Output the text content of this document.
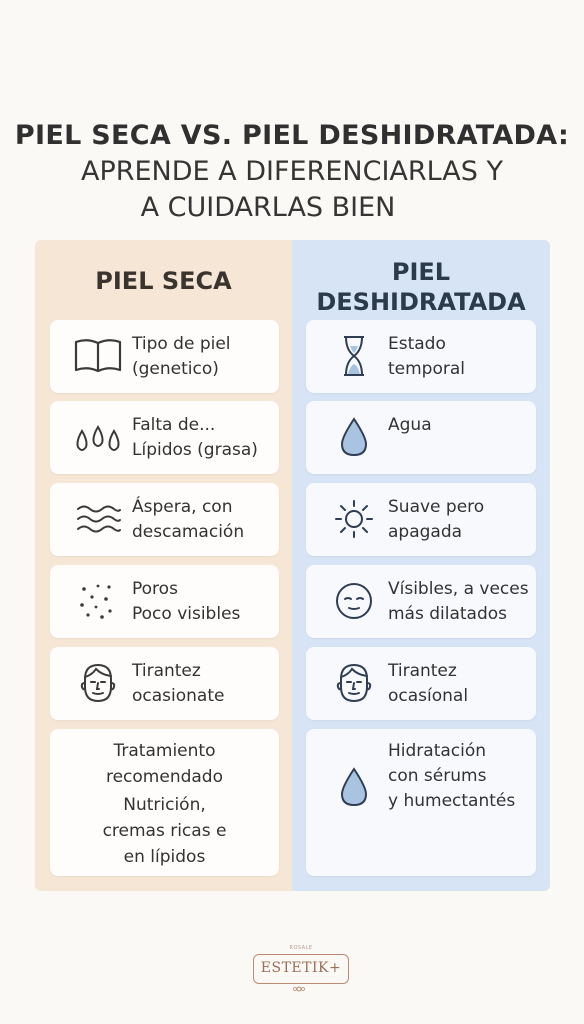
PIEL SECA VS. PIEL DESHIDRATADA:
APRENDE A DIFERENCIARLAS Y
A CUIDARLAS BIEN
PIEL SECA
Tipo de piel
(genetico)
Falta de...
Lípidos (grasa)
Áspera, con
descamación
Poros
Poco visibles
Tirantez
ocasionate
Tratamiento
recomendado
Nutrición,
cremas ricas e
en lípidos
PIEL
DESHIDRATADA
Estado
temporal
Agua
Suave pero
apagada
Vísibles, a veces
más dilatados
Tirantez
ocasíonal
Hidratación
con sérums
y humectantés
ROSALE
ESTETIK+
